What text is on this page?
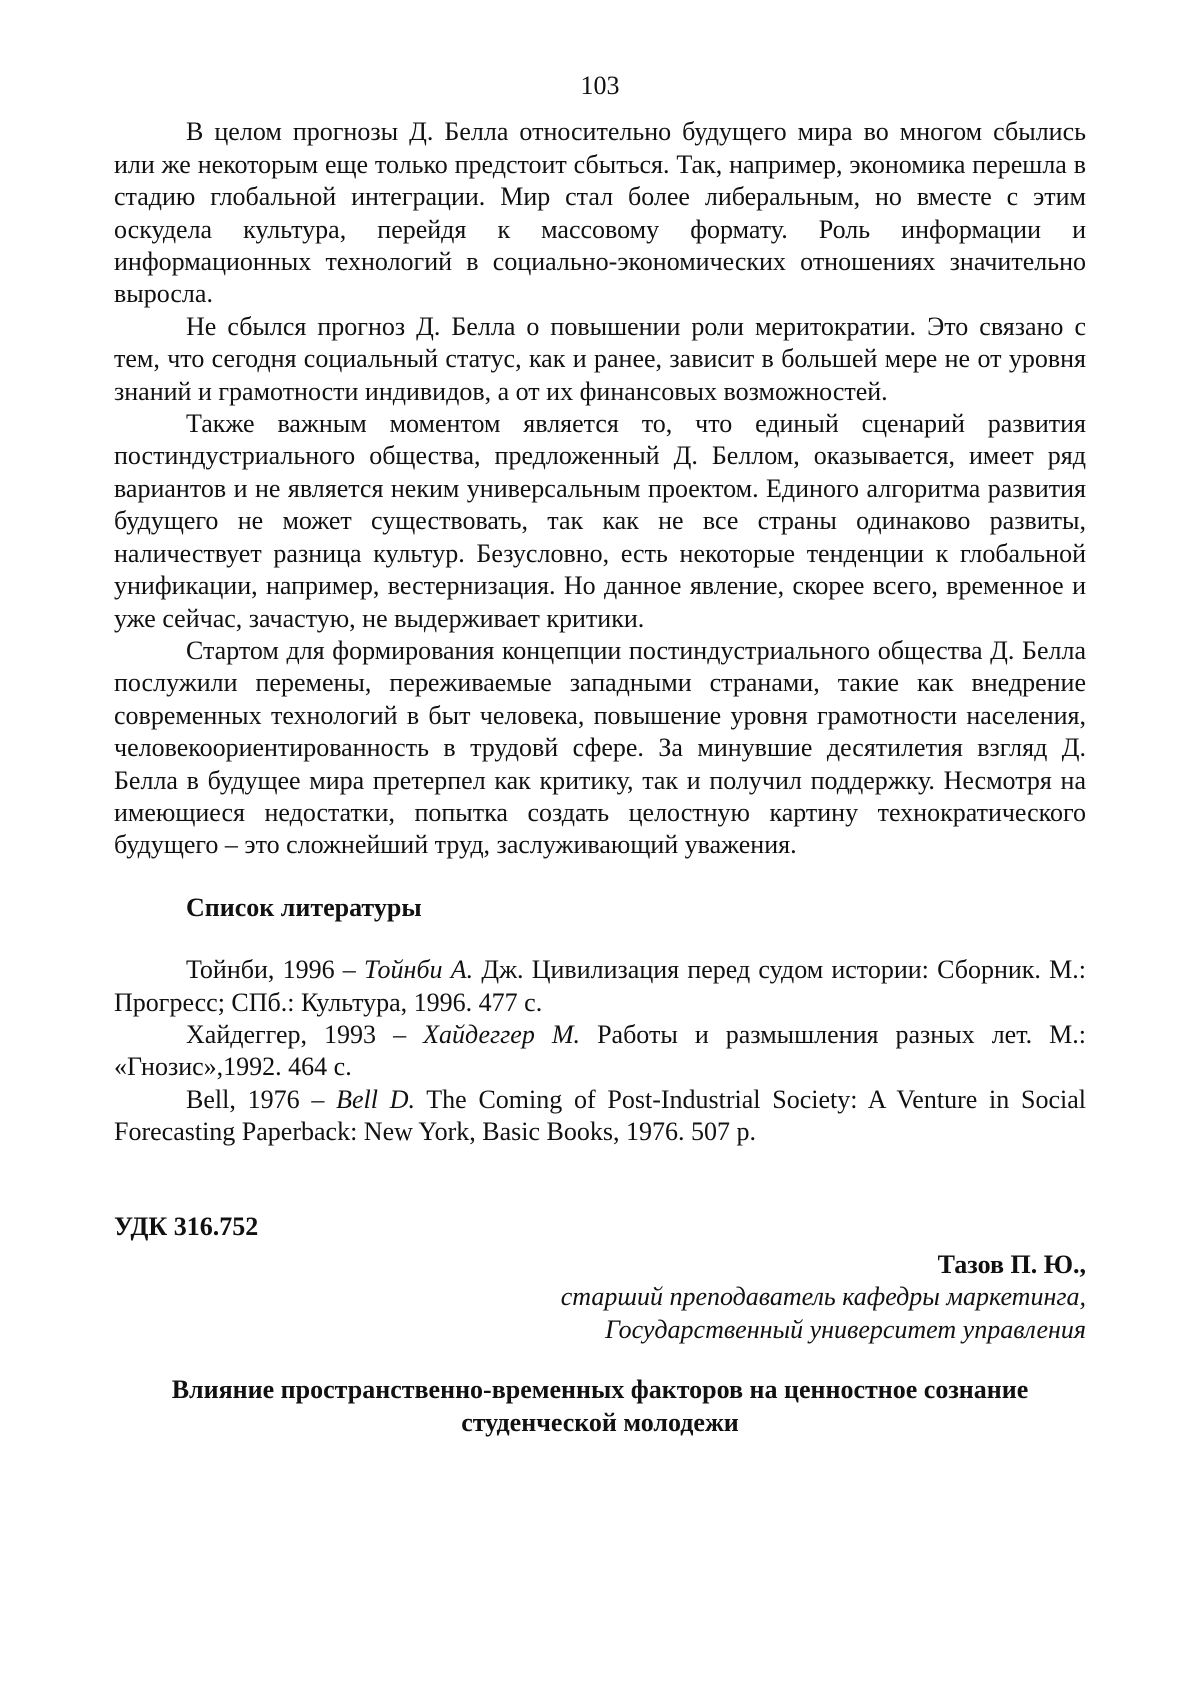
103

В целом прогнозы Д. Белла относительно будущего мира во многом сбылись или же некоторым еще только предстоит сбыться. Так, например, экономика перешла в стадию глобальной интеграции. Мир стал более либеральным, но вместе с этим оскудела культура, перейдя к массовому формату. Роль информации и информационных технологий в социально-экономических отношениях значительно выросла.

Не сбылся прогноз Д. Белла о повышении роли меритократии. Это связано с тем, что сегодня социальный статус, как и ранее, зависит в большей мере не от уровня знаний и грамотности индивидов, а от их финансовых возможностей.

Также важным моментом является то, что единый сценарий развития постиндустриального общества, предложенный Д. Беллом, оказывается, имеет ряд вариантов и не является неким универсальным проектом. Единого алгоритма развития будущего не может существовать, так как не все страны одинаково развиты, наличествует разница культур. Безусловно, есть некоторые тенденции к глобальной унификации, например, вестернизация. Но данное явление, скорее всего, временное и уже сейчас, зачастую, не выдерживает критики.

Стартом для формирования концепции постиндустриального общества Д. Белла послужили перемены, переживаемые западными странами, такие как внедрение современных технологий в быт человека, повышение уровня грамотности населения, человекоориентированность в трудовй сфере. За минувшие десятилетия взгляд Д. Белла в будущее мира претерпел как критику, так и получил поддержку. Несмотря на имеющиеся недостатки, попытка создать целостную картину технократического будущего – это сложнейший труд, заслуживающий уважения.

Список литературы

Тойнби, 1996 – Тойнби А. Дж. Цивилизация перед судом истории: Сборник. М.: Прогресс; СПб.: Культура, 1996. 477 с.

Хайдеггер, 1993 – Хайдеггер М. Работы и размышления разных лет. М.: «Гнозис»,1992. 464 с.

Bell, 1976 – Bell D. The Coming of Post-Industrial Society: A Venture in Social Forecasting Paperback: New York, Basic Books, 1976. 507 p.

УДК 316.752
Тазов П. Ю.,
старший преподаватель кафедры маркетинга,
Государственный университет управления
Влияние пространственно-временных факторов на ценностное сознание
студенческой молодежи
